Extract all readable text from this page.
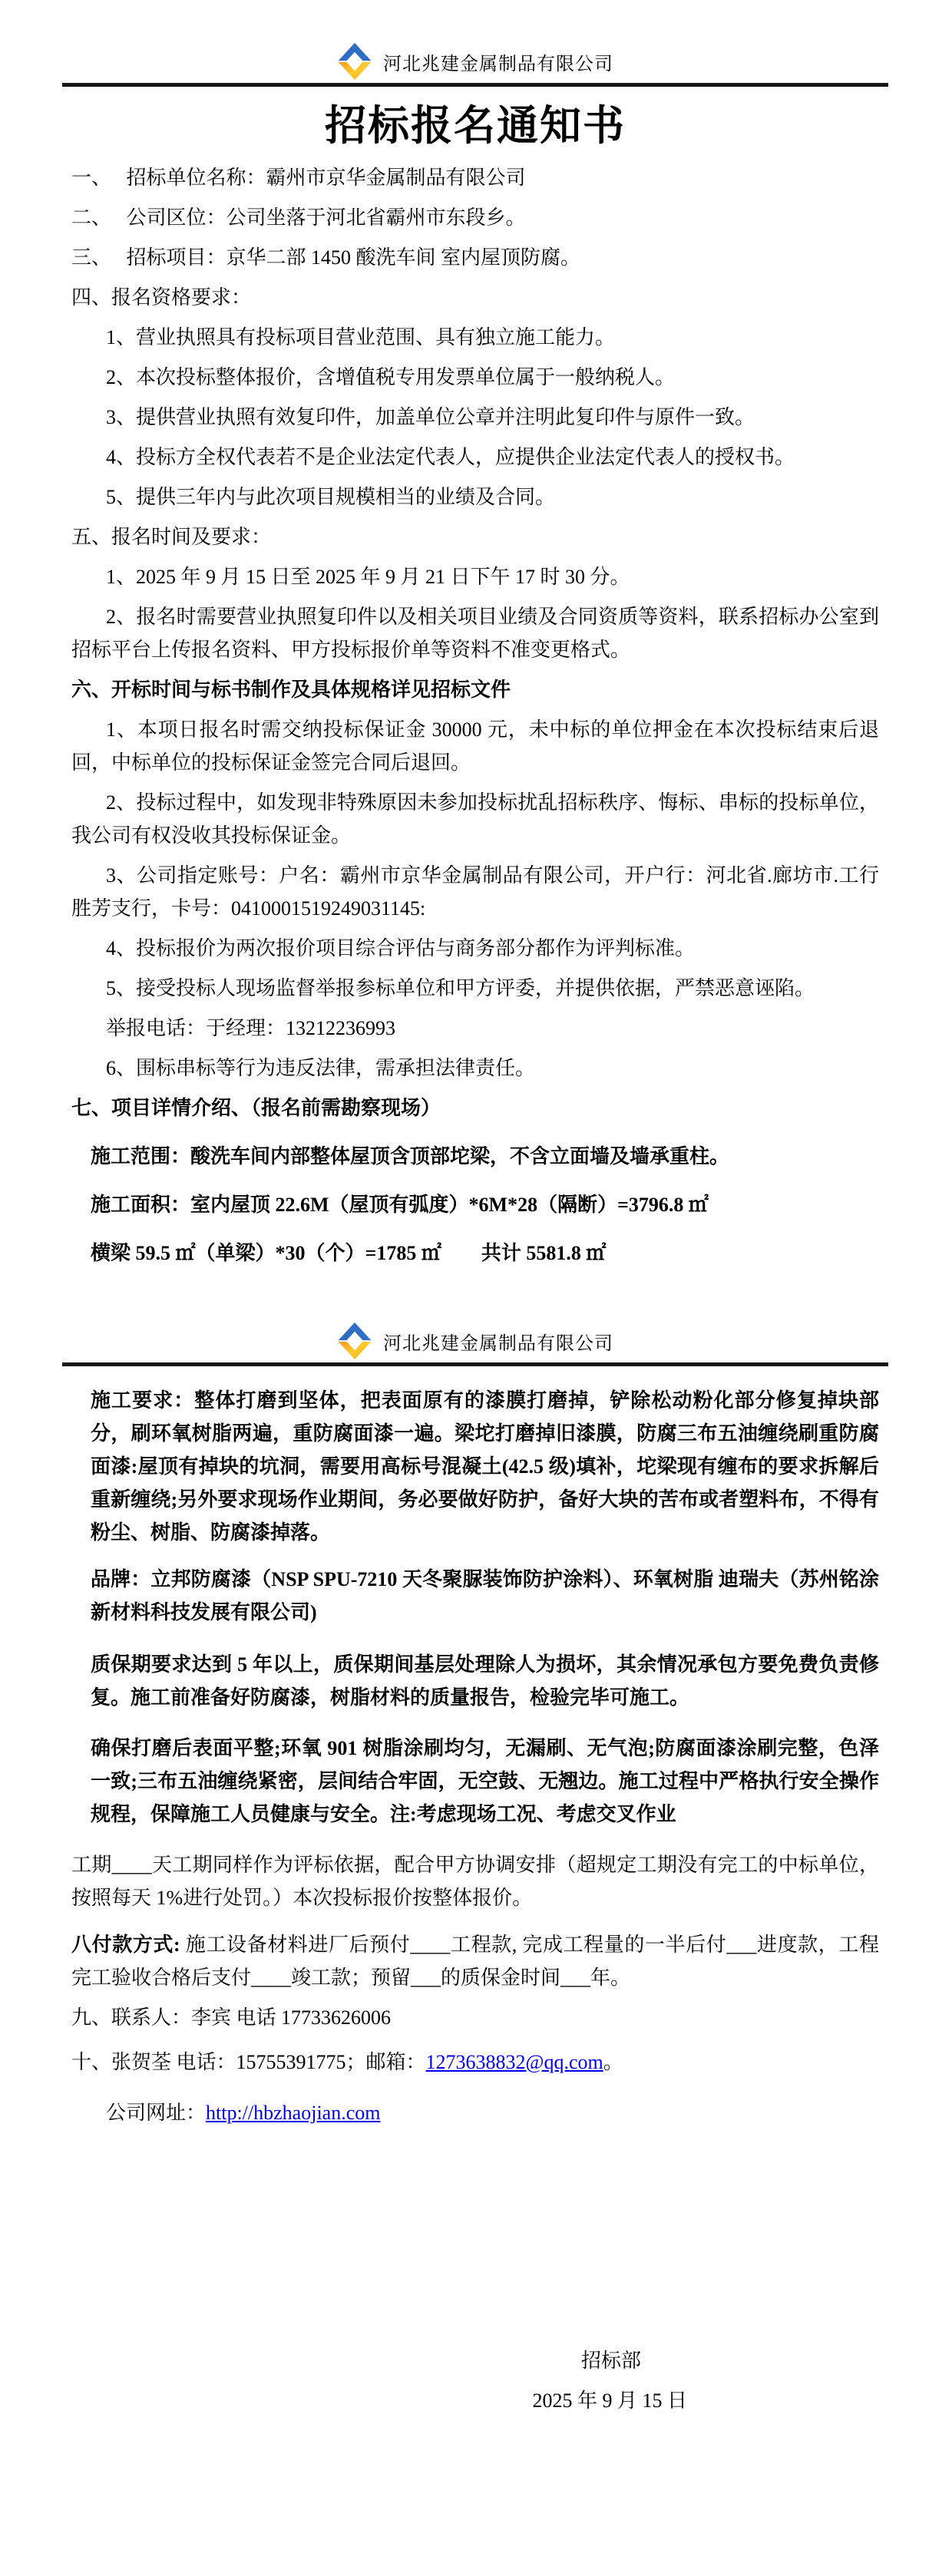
河北兆建金属制品有限公司
招标报名通知书

一、　 招标单位名称：霸州市京华金属制品有限公司

二、　 公司区位：公司坐落于河北省霸州市东段乡。

三、　 招标项目：京华二部 1450 酸洗车间 室内屋顶防腐。

四、报名资格要求：

1、营业执照具有投标项目营业范围、具有独立施工能力。

2、本次投标整体报价，含增值税专用发票单位属于一般纳税人。

3、提供营业执照有效复印件，加盖单位公章并注明此复印件与原件一致。

4、投标方全权代表若不是企业法定代表人，应提供企业法定代表人的授权书。

5、提供三年内与此次项目规模相当的业绩及合同。

五、报名时间及要求：

1、2025 年 9 月 15 日至 2025 年 9 月 21 日下午 17 时 30 分。

2、报名时需要营业执照复印件以及相关项目业绩及合同资质等资料，联系招标办公室到招标平台上传报名资料、甲方投标报价单等资料不准变更格式。

六、开标时间与标书制作及具体规格详见招标文件

1、本项日报名时需交纳投标保证金 30000 元，未中标的单位押金在本次投标结束后退回，中标单位的投标保证金签完合同后退回。

2、投标过程中，如发现非特殊原因未参加投标扰乱招标秩序、悔标、串标的投标单位，我公司有权没收其投标保证金。

3、公司指定账号：户名：霸州市京华金属制品有限公司，开户行：河北省.廊坊市.工行胜芳支行，卡号：0410001519249031145:

4、投标报价为两次报价项目综合评估与商务部分都作为评判标准。

5、接受投标人现场监督举报参标单位和甲方评委，并提供依据，严禁恶意诬陷。

举报电话：于经理：13212236993

6、围标串标等行为违反法律，需承担法律责任。

七、项目详情介绍、（报名前需勘察现场）

施工范围：酸洗车间内部整体屋顶含顶部坨梁，不含立面墙及墙承重柱。

施工面积：室内屋顶 22.6M（屋顶有弧度）*6M*28（隔断）=3796.8 ㎡

横梁 59.5 ㎡（单梁）*30（个）=1785 ㎡　　共计 5581.8 ㎡

河北兆建金属制品有限公司

施工要求：整体打磨到坚体，把表面原有的漆膜打磨掉，铲除松动粉化部分修复掉块部分，刷环氧树脂两遍，重防腐面漆一遍。梁坨打磨掉旧漆膜，防腐三布五油缠绕刷重防腐面漆:屋顶有掉块的坑洞，需要用高标号混凝土(42.5 级)填补，坨梁现有缠布的要求拆解后重新缠绕;另外要求现场作业期间，务必要做好防护，备好大块的苦布或者塑料布，不得有粉尘、树脂、防腐漆掉落。

品牌：立邦防腐漆（NSP SPU-7210 天冬聚脲装饰防护涂料）、环氧树脂 迪瑞夫（苏州铭涂新材料科技发展有限公司)

质保期要求达到 5 年以上，质保期间基层处理除人为损坏，其余情况承包方要免费负责修复。施工前准备好防腐漆，树脂材料的质量报告，检验完毕可施工。

确保打磨后表面平整;环氧 901 树脂涂刷均匀，无漏刷、无气泡;防腐面漆涂刷完整，色泽一致;三布五油缠绕紧密，层间结合牢固，无空鼓、无翘边。施工过程中严格执行安全操作规程，保障施工人员健康与安全。注:考虑现场工况、考虑交叉作业

工期____天工期同样作为评标依据，配合甲方协调安排（超规定工期没有完工的中标单位，按照每天 1%进行处罚。）本次投标报价按整体报价。

八付款方式: 施工设备材料进厂后预付____工程款, 完成工程量的一半后付___进度款，工程完工验收合格后支付____竣工款；预留___的质保金时间___年。

九、联系人：李宾 电话 17733626006

十、张贺荃 电话：15755391775；邮箱：1273638832@qq.com。

公司网址：http://hbzhaojian.com

招标部

2025 年 9 月 15 日
